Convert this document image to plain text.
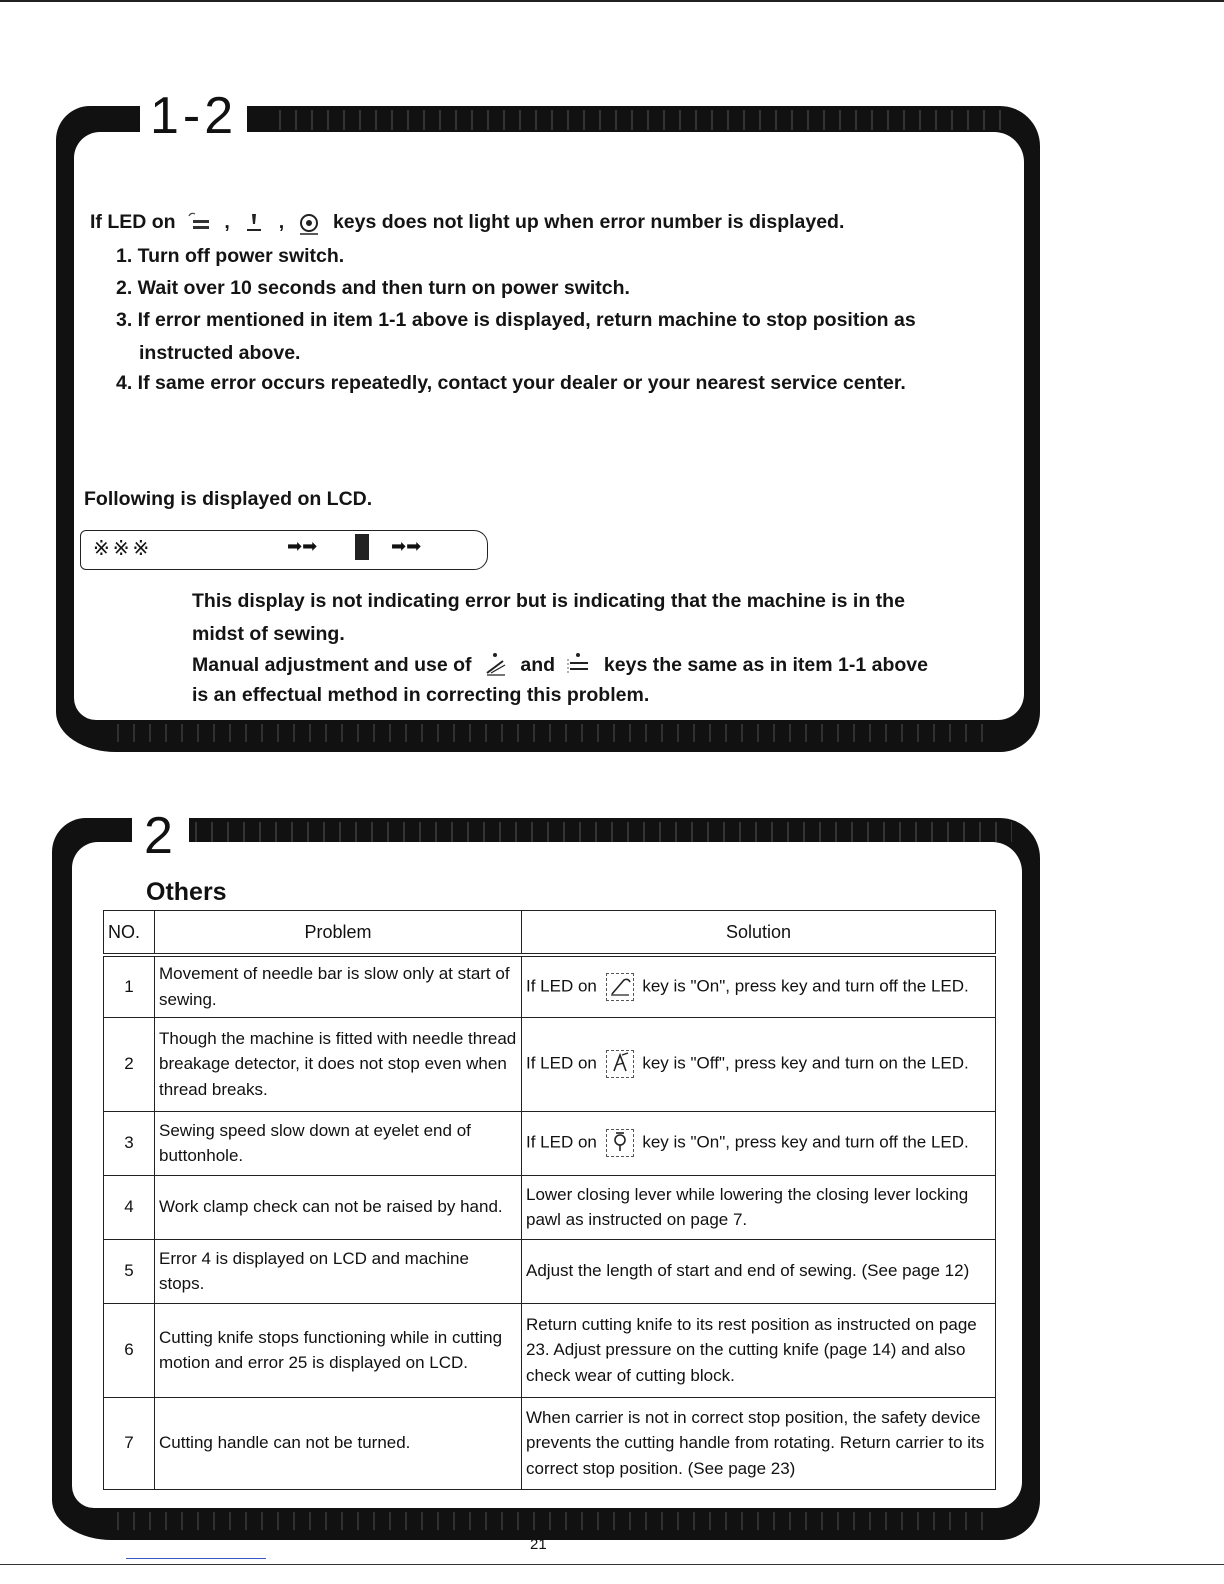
1-2
If LED on	,	,	keys does not light up when error number is displayed.
1. Turn off power switch.
2. Wait over 10 seconds and then turn on power switch.
3. If error mentioned in item 1-1 above is displayed, return machine to stop position as
instructed above.
4. If same error occurs repeatedly, contact your dealer or your nearest service center.
Following is displayed on LCD.
※※※	➡➡	➡➡
This display is not indicating error but is indicating that the machine is in the
midst of sewing.
Manual adjustment and use of	and	keys the same as in item 1-1 above
is an effectual method in correcting this problem.
2
Others
NO.	Problem	Solution
1	Movement of needle bar is slow only at start of sewing.	If LED on key is "On", press key and turn off the LED.
2	Though the machine is fitted with needle thread breakage detector, it does not stop even when thread breaks.	If LED on key is "Off", press key and turn on the LED.
3	Sewing speed slow down at eyelet end of buttonhole.	If LED on key is "On", press key and turn off the LED.
4	Work clamp check can not be raised by hand.	Lower closing lever while lowering the closing lever locking pawl as instructed on page 7.
5	Error 4 is displayed on LCD and machine stops.	Adjust the length of start and end of sewing. (See page 12)
6	Cutting knife stops functioning while in cutting motion and error 25 is displayed on LCD.	Return cutting knife to its rest position as instructed on page 23. Adjust pressure on the cutting knife (page 14) and also check wear of cutting block.
7	Cutting handle can not be turned.	When carrier is not in correct stop position, the safety device prevents the cutting handle from rotating. Return carrier to its correct stop position. (See page 23)
21
